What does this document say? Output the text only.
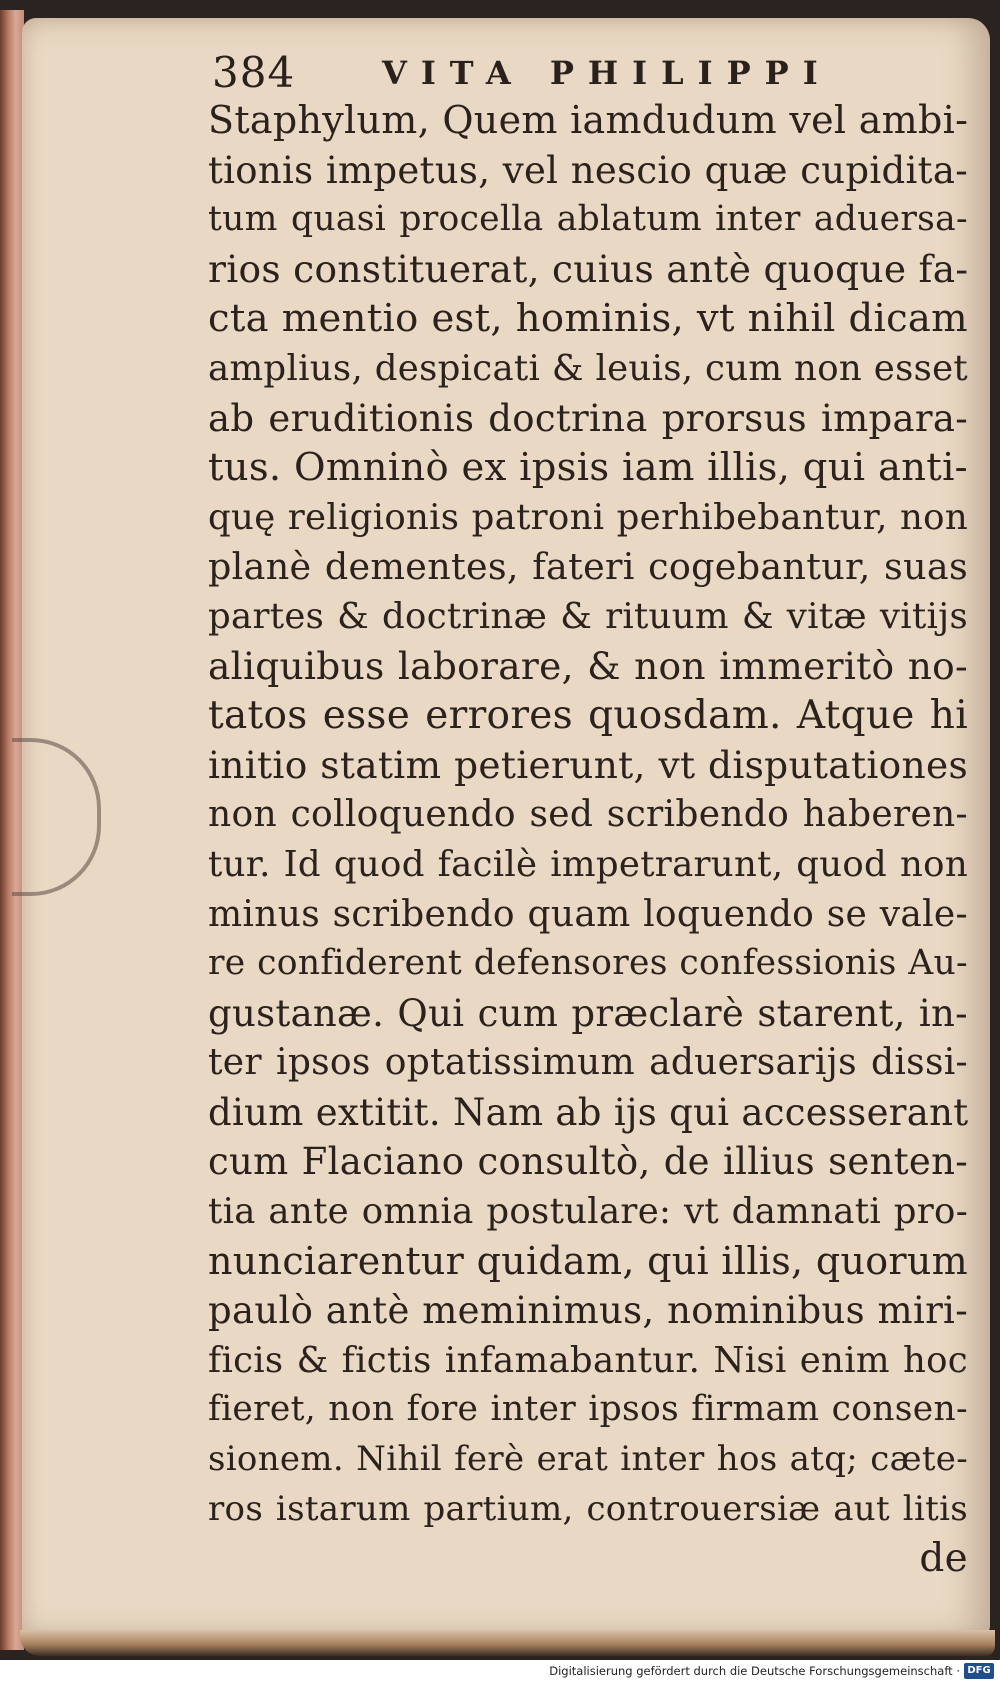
384	VITA PHILIPPI
Staphylum, Quem iamdudum vel ambi-
tionis impetus, vel nescio quæ cupidita-
tum quasi procella ablatum inter aduersa-
rios constituerat, cuius antè quoque fa-
cta mentio est, hominis, vt nihil dicam
amplius, despicati & leuis, cum non esset
ab eruditionis doctrina prorsus impara-
tus. Omninò ex ipsis iam illis, qui anti-
quę religionis patroni perhibebantur, non
planè dementes, fateri cogebantur, suas
partes & doctrinæ & rituum & vitæ vitijs
aliquibus laborare, & non immeritò no-
tatos esse errores quosdam. Atque hi
initio statim petierunt, vt disputationes
non colloquendo sed scribendo haberen-
tur. Id quod facilè impetrarunt, quod non
minus scribendo quam loquendo se vale-
re confiderent defensores confessionis Au-
gustanæ. Qui cum præclarè starent, in-
ter ipsos optatissimum aduersarijs dissi-
dium extitit. Nam ab ijs qui accesserant
cum Flaciano consultò, de illius senten-
tia ante omnia postulare: vt damnati pro-
nunciarentur quidam, qui illis, quorum
paulò antè meminimus, nominibus miri-
ficis & fictis infamabantur. Nisi enim hoc
fieret, non fore inter ipsos firmam consen-
sionem. Nihil ferè erat inter hos atq; cæte-
ros istarum partium, controuersiæ aut litis
de
Digitalisierung gefördert durch die Deutsche Forschungsgemeinschaft · DFG
